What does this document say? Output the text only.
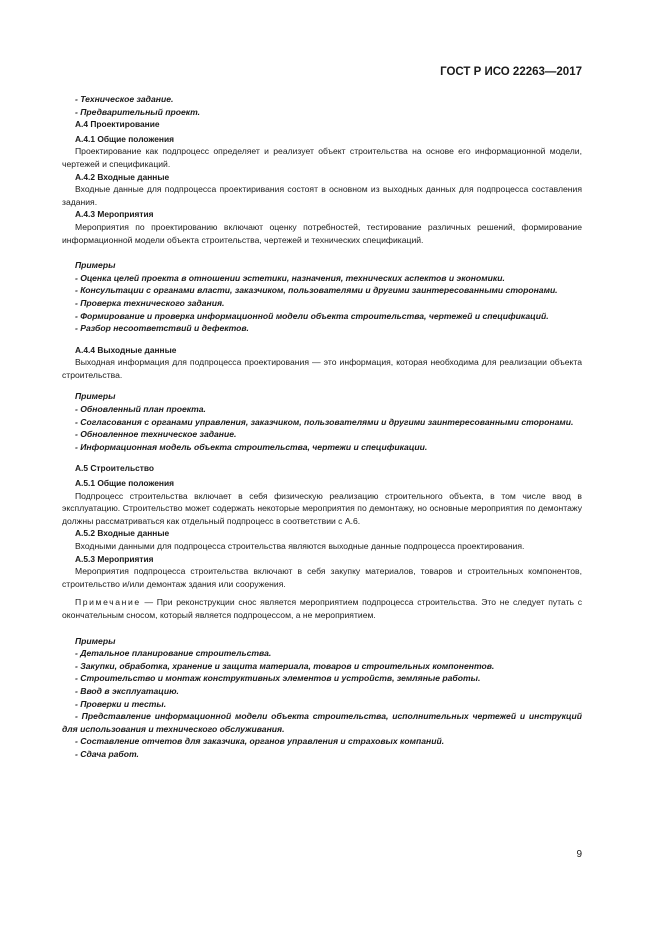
ГОСТ Р ИСО 22263—2017

- Техническое задание.

- Предварительный проект.

А.4 Проектирование
А.4.1 Общие положения

Проектирование как подпроцесс определяет и реализует объект строительства на основе его информационной модели, чертежей и спецификаций.

А.4.2 Входные данные

Входные данные для подпроцесса проектиривания состоят в основном из выходных данных для подпроцесса составления задания.

А.4.3 Мероприятия

Мероприятия по проектированию включают оценку потребностей, тестирование различных решений, формирование информационной модели объекта строительства, чертежей и технических спецификаций.

Примеры

- Оценка целей проекта в отношении эстетики, назначения, технических аспектов и экономики.

- Консультации с органами власти, заказчиком, пользователями и другими заинтересованными сторонами.

- Проверка технического задания.

- Формирование и проверка информационной модели объекта строительства, чертежей и спецификаций.

- Разбор несоответствий и дефектов.

А.4.4 Выходные данные

Выходная информация для подпроцесса проектирования — это информация, которая необходима для реализации объекта строительства.

Примеры

- Обновленный план проекта.

- Согласования с органами управления, заказчиком, пользователями и другими заинтересованными сторонами.

- Обновленное техническое задание.

- Информационная модель объекта строительства, чертежи и спецификации.

А.5 Строительство
А.5.1 Общие положения

Подпроцесс строительства включает в себя физическую реализацию строительного объекта, в том числе ввод в эксплуатацию. Строительство может содержать некоторые мероприятия по демонтажу, но основные мероприятия по демонтажу должны рассматриваться как отдельный подпроцесс в соответствии с А.6.

А.5.2 Входные данные

Входными данными для подпроцесса строительства являются выходные данные подпроцесса проектирования.

А.5.3 Мероприятия

Мероприятия подпроцесса строительства включают в себя закупку материалов, товаров и строительных компонентов, строительство и/или демонтаж здания или сооружения.

Примечание — При реконструкции снос является мероприятием подпроцесса строительства. Это не следует путать с окончательным сносом, который является подпроцессом, а не мероприятием.

Примеры

- Детальное планирование строительства.

- Закупки, обработка, хранение и защита материала, товаров и строительных компонентов.

- Строительство и монтаж конструктивных элементов и устройств, земляные работы.

- Ввод в эксплуатацию.

- Проверки и тесты.

- Представление информационной модели объекта строительства, исполнительных чертежей и инструкций для использования и технического обслуживания.

- Составление отчетов для заказчика, органов управления и страховых компаний.

- Сдача работ.

9
